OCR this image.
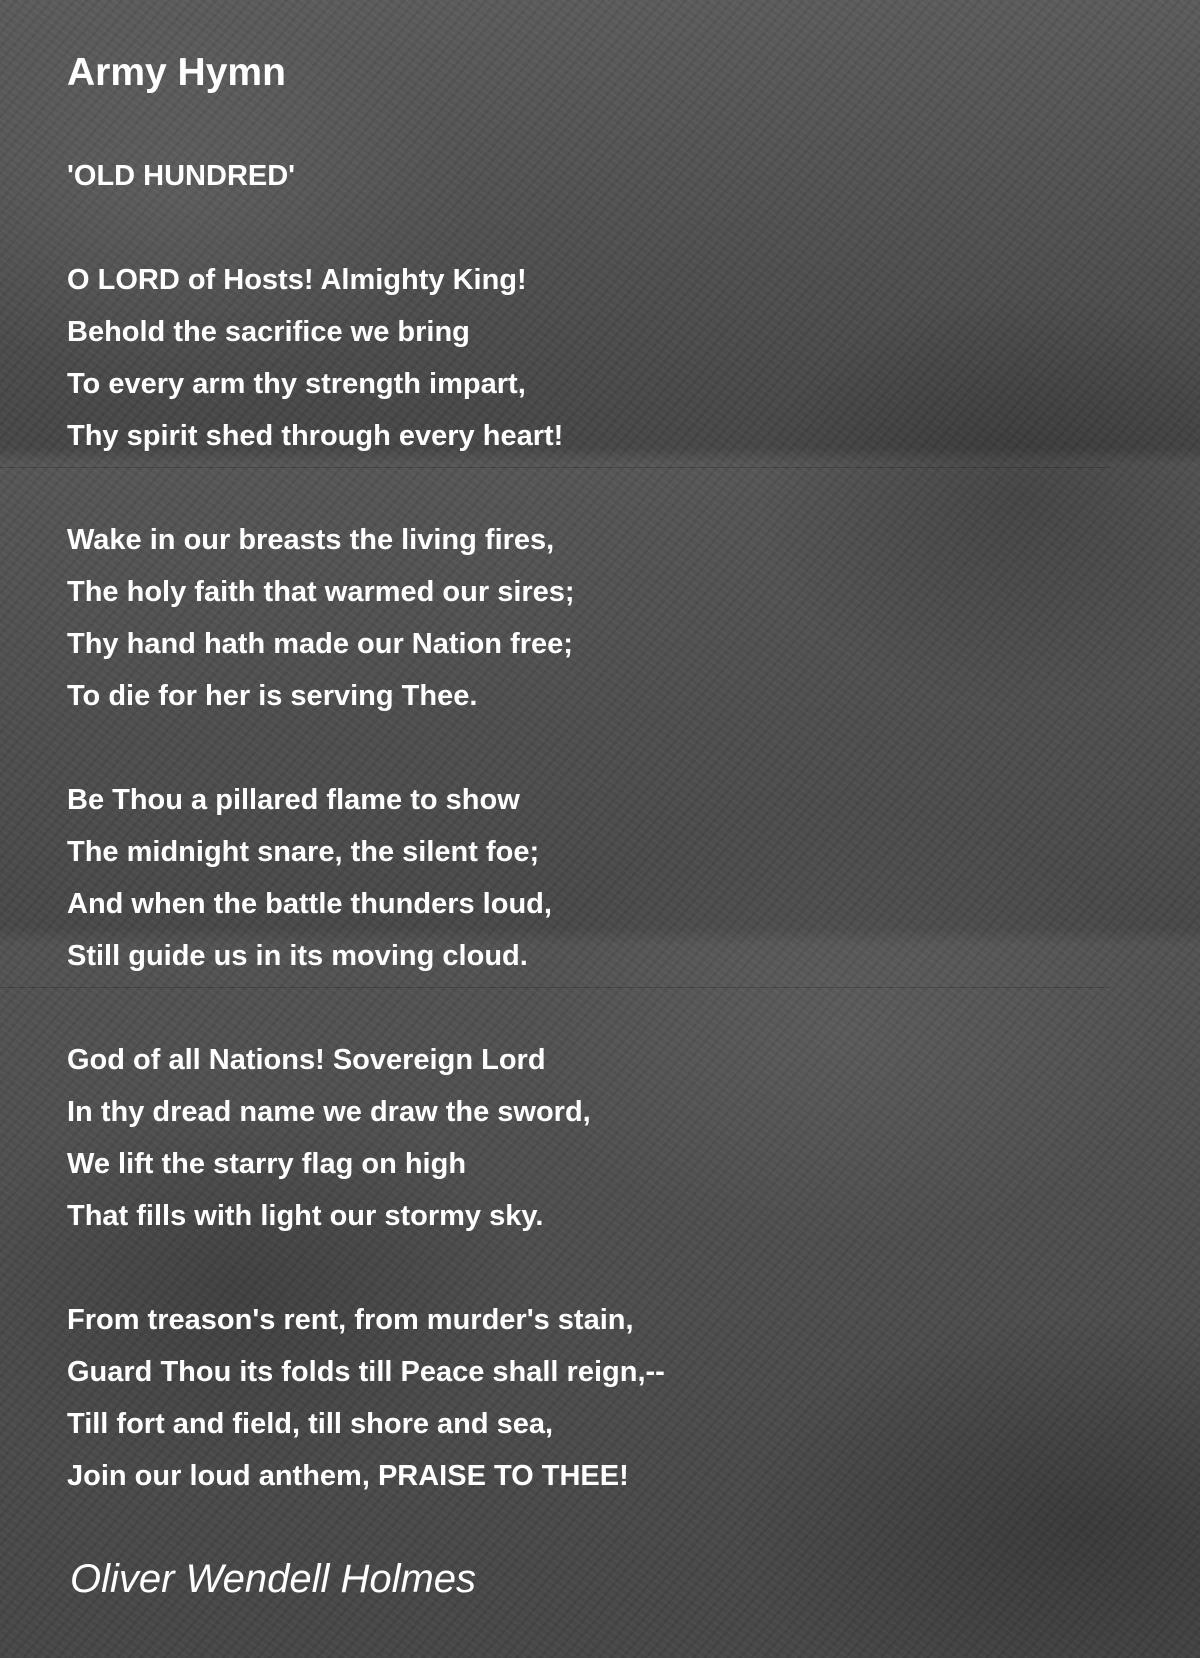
Army Hymn
'OLD HUNDRED'
O LORD of Hosts! Almighty King!
Behold the sacrifice we bring
To every arm thy strength impart,
Thy spirit shed through every heart!
Wake in our breasts the living fires,
The holy faith that warmed our sires;
Thy hand hath made our Nation free;
To die for her is serving Thee.
Be Thou a pillared flame to show
The midnight snare, the silent foe;
And when the battle thunders loud,
Still guide us in its moving cloud.
God of all Nations! Sovereign Lord
In thy dread name we draw the sword,
We lift the starry flag on high
That fills with light our stormy sky.
From treason's rent, from murder's stain,
Guard Thou its folds till Peace shall reign,--
Till fort and field, till shore and sea,
Join our loud anthem, PRAISE TO THEE!

Oliver Wendell Holmes
